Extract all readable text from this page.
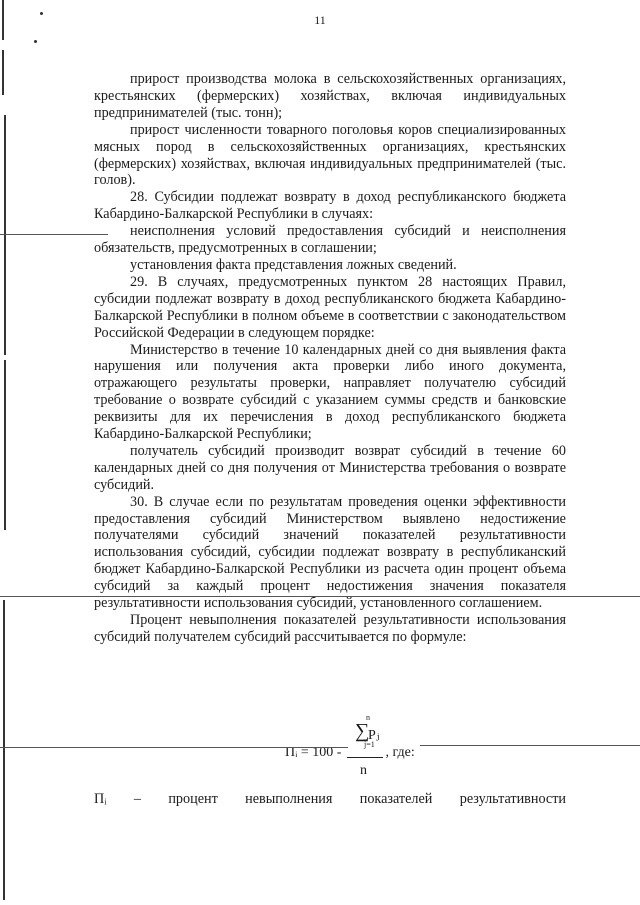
11

прирост производства молока в сельскохозяйственных организациях, крестьянских (фермерских) хозяйствах, включая индивидуальных предпринимателей (тыс. тонн);

прирост численности товарного поголовья коров специализированных мясных пород в сельскохозяйственных организациях, крестьянских (фермерских) хозяйствах, включая индивидуальных предпринимателей (тыс. голов).

28. Субсидии подлежат возврату в доход республиканского бюджета Кабардино-Балкарской Республики в случаях:

неисполнения условий предоставления субсидий и неисполнения обязательств, предусмотренных в соглашении;

установления факта представления ложных сведений.

29. В случаях, предусмотренных пунктом 28 настоящих Правил, субсидии подлежат возврату в доход республиканского бюджета Кабардино-Балкарской Республики в полном объеме в соответствии с законодательством Российской Федерации в следующем порядке:

Министерство в течение 10 календарных дней со дня выявления факта нарушения или получения акта проверки либо иного документа, отражающего результаты проверки, направляет получателю субсидий требование о возврате субсидий с указанием суммы средств и банковские реквизиты для их перечисления в доход республиканского бюджета Кабардино-Балкарской Республики;

получатель субсидий производит возврат субсидий в течение 60 календарных дней со дня получения от Министерства требования о возврате субсидий.

30. В случае если по результатам проведения оценки эффективности предоставления субсидий Министерством выявлено недостижение получателями субсидий значений показателей результативности использования субсидий, субсидии подлежат возврату в республиканский бюджет Кабардино-Балкарской Республики из расчета один процент объема субсидий за каждый процент недостижения значения показателя результативности использования субсидий, установленного соглашением.

Процент невыполнения показателей результативности использования субсидий получателем субсидий рассчитывается по формуле:

n
∑
Pⱼ
j=1
Пᵢ = 100 -	, где:
n
Пᵢ – процент невыполнения показателей результативности
